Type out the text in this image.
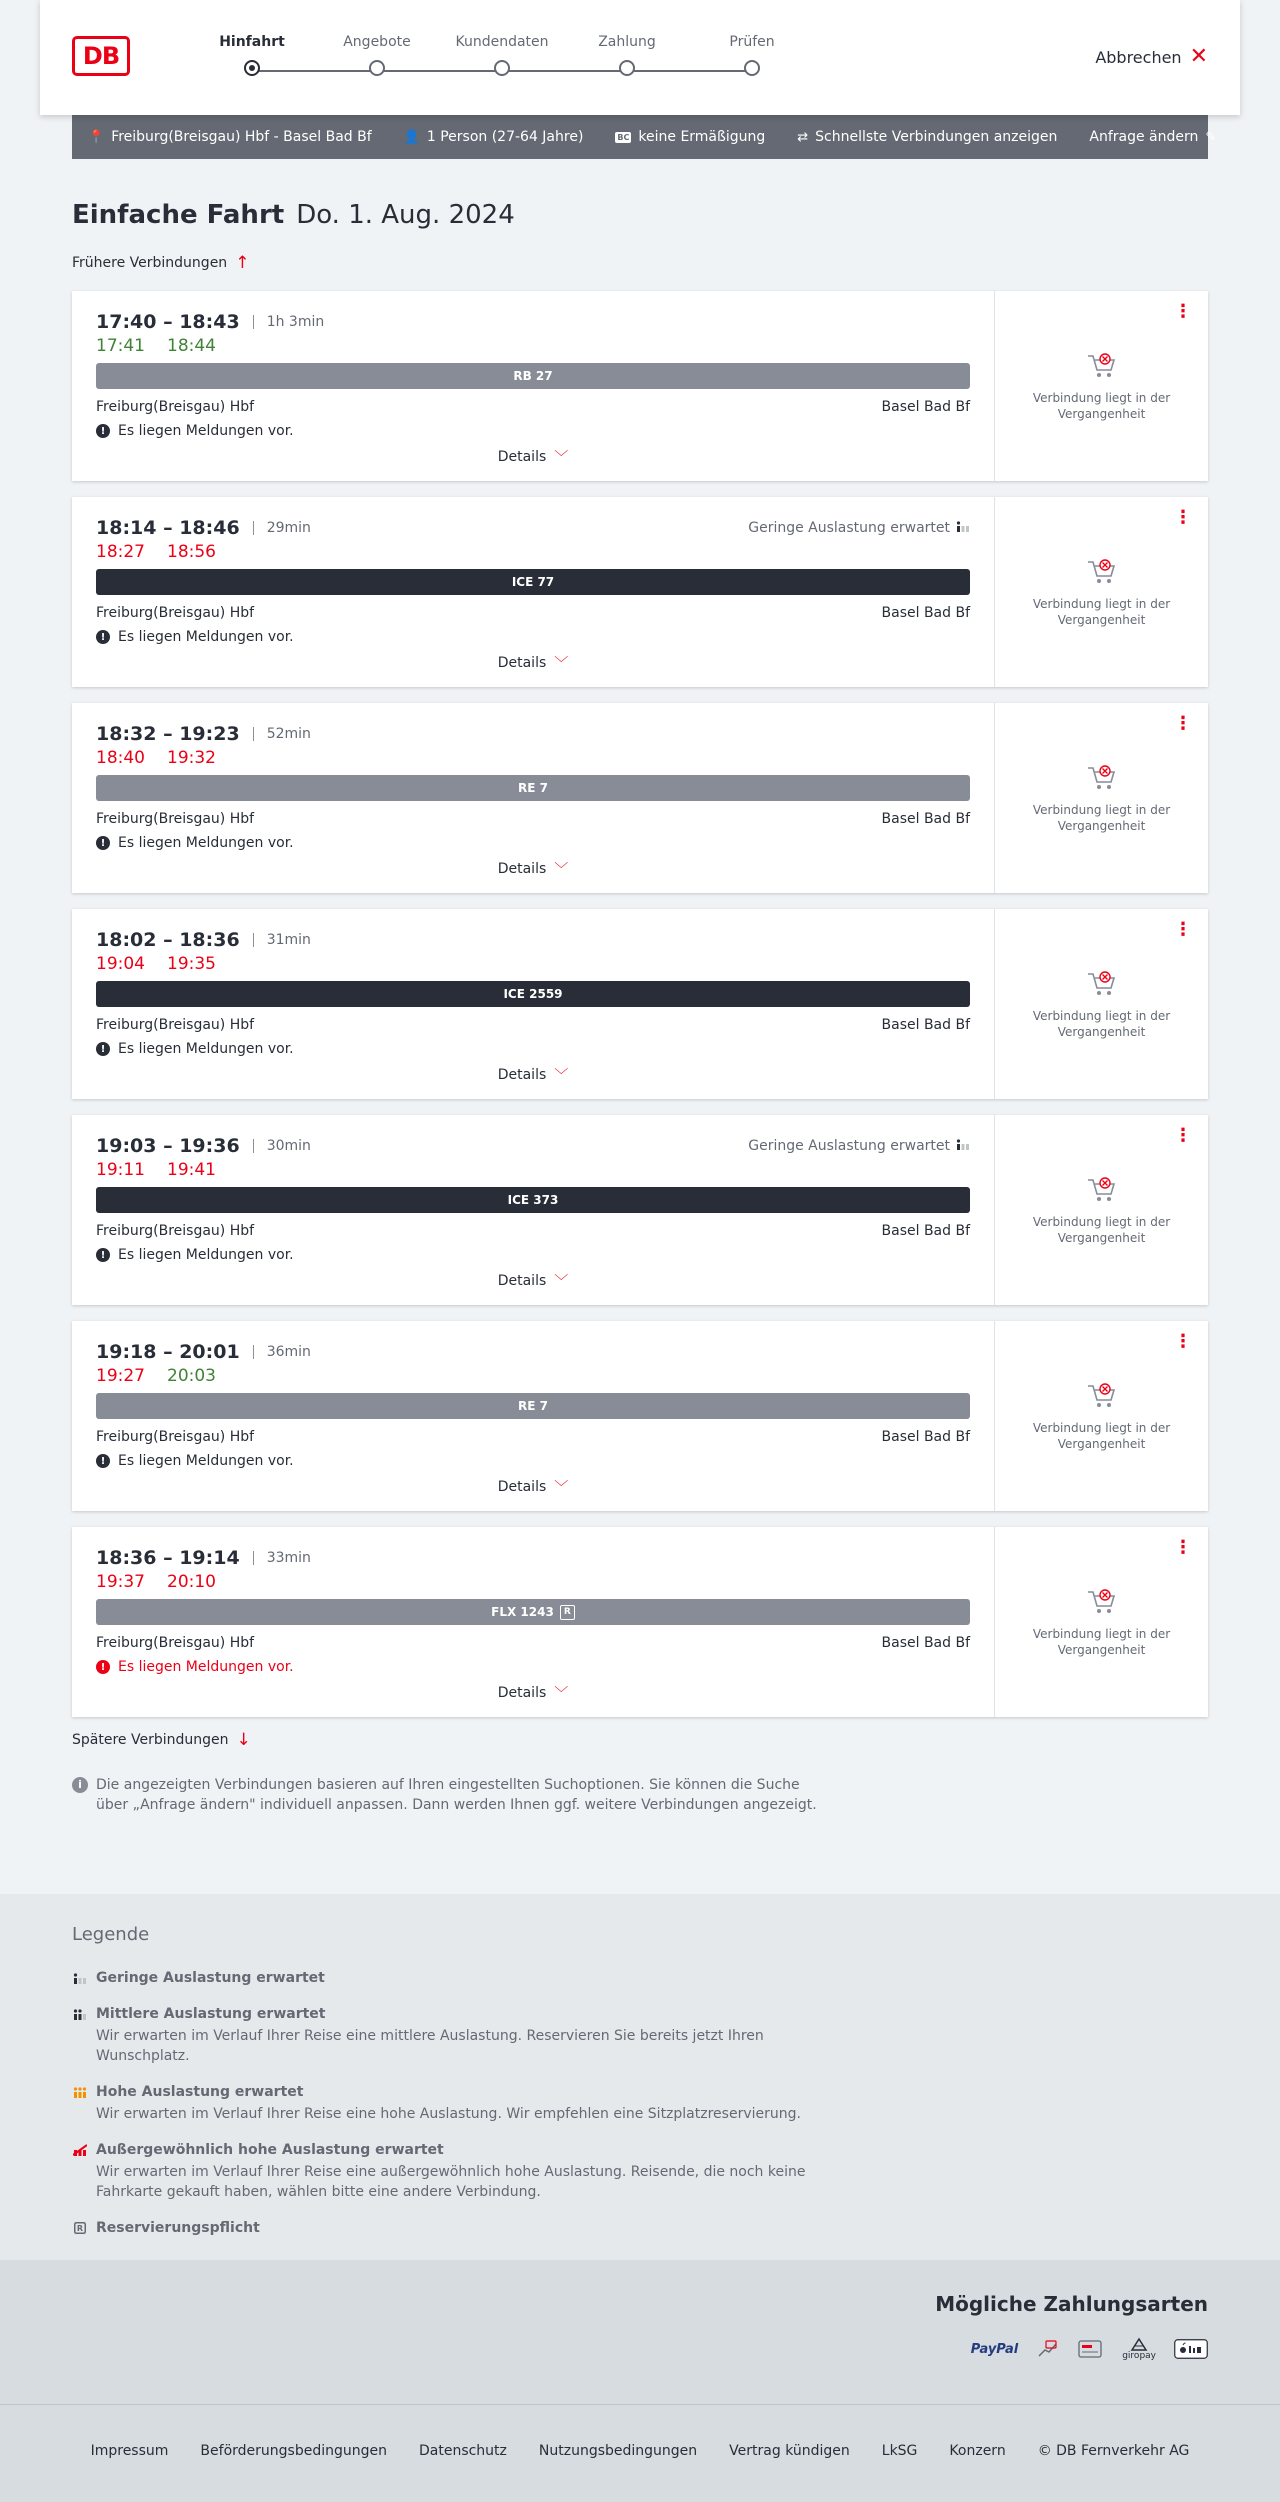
DB	Hinfahrt	Angebote	Kundendaten	Zahlung	Prüfen
Abbrechen ✕
📍 Freiburg(Breisgau) Hbf - Basel Bad Bf 👤 1 Person (27-64 Jahre)	BC keine Ermäßigung ⇄ Schnellste Verbindungen anzeigen Anfrage ändern ✎
Einfache Fahrt Do. 1. Aug. 2024
Frühere Verbindungen ↑
17:40 – 18:43 1h 3min
17:41 18:44
RB 27
Freiburg(Breisgau) Hbf	Basel Bad Bf
! Es liegen Meldungen vor.
Details ﹀
⋮
Verbindung liegt in der Vergangenheit
18:14 – 18:46 29min	Geringe Auslastung erwartet
18:27 18:56
ICE 77
Freiburg(Breisgau) Hbf	Basel Bad Bf
! Es liegen Meldungen vor.
Details ﹀
⋮
Verbindung liegt in der Vergangenheit
18:32 – 19:23 52min
18:40 19:32
RE 7
Freiburg(Breisgau) Hbf	Basel Bad Bf
! Es liegen Meldungen vor.
Details ﹀
⋮
Verbindung liegt in der Vergangenheit
18:02 – 18:36 31min
19:04 19:35
ICE 2559
Freiburg(Breisgau) Hbf	Basel Bad Bf
! Es liegen Meldungen vor.
Details ﹀
⋮
Verbindung liegt in der Vergangenheit
19:03 – 19:36 30min	Geringe Auslastung erwartet
19:11 19:41
ICE 373
Freiburg(Breisgau) Hbf	Basel Bad Bf
! Es liegen Meldungen vor.
Details ﹀
⋮
Verbindung liegt in der Vergangenheit
19:18 – 20:01 36min
19:27 20:03
RE 7
Freiburg(Breisgau) Hbf	Basel Bad Bf
! Es liegen Meldungen vor.
Details ﹀
⋮
Verbindung liegt in der Vergangenheit
18:36 – 19:14 33min
19:37 20:10
FLX 1243	R
Freiburg(Breisgau) Hbf	Basel Bad Bf
! Es liegen Meldungen vor.
Details ﹀
⋮
Verbindung liegt in der Vergangenheit
Spätere Verbindungen ↓
i	Die angezeigten Verbindungen basieren auf Ihren eingestellten Suchoptionen. Sie können die Suche über „Anfrage ändern" individuell anpassen. Dann werden Ihnen ggf. weitere Verbindungen angezeigt.
Legende
Geringe Auslastung erwartet
Mittlere Auslastung erwartet
Wir erwarten im Verlauf Ihrer Reise eine mittlere Auslastung. Reservieren Sie bereits jetzt Ihren Wunschplatz.
Hohe Auslastung erwartet
Wir erwarten im Verlauf Ihrer Reise eine hohe Auslastung. Wir empfehlen eine Sitzplatzreservierung.
Außergewöhnlich hohe Auslastung erwartet
Wir erwarten im Verlauf Ihrer Reise eine außergewöhnlich hohe Auslastung. Reisende, die noch keine Fahrkarte gekauft haben, wählen bitte eine andere Verbindung.
R Reservierungspflicht
Mögliche Zahlungsarten
PayPal	giropay
Impressum Beförderungsbedingungen Datenschutz Nutzungsbedingungen Vertrag kündigen LkSG Konzern © DB Fernverkehr AG
